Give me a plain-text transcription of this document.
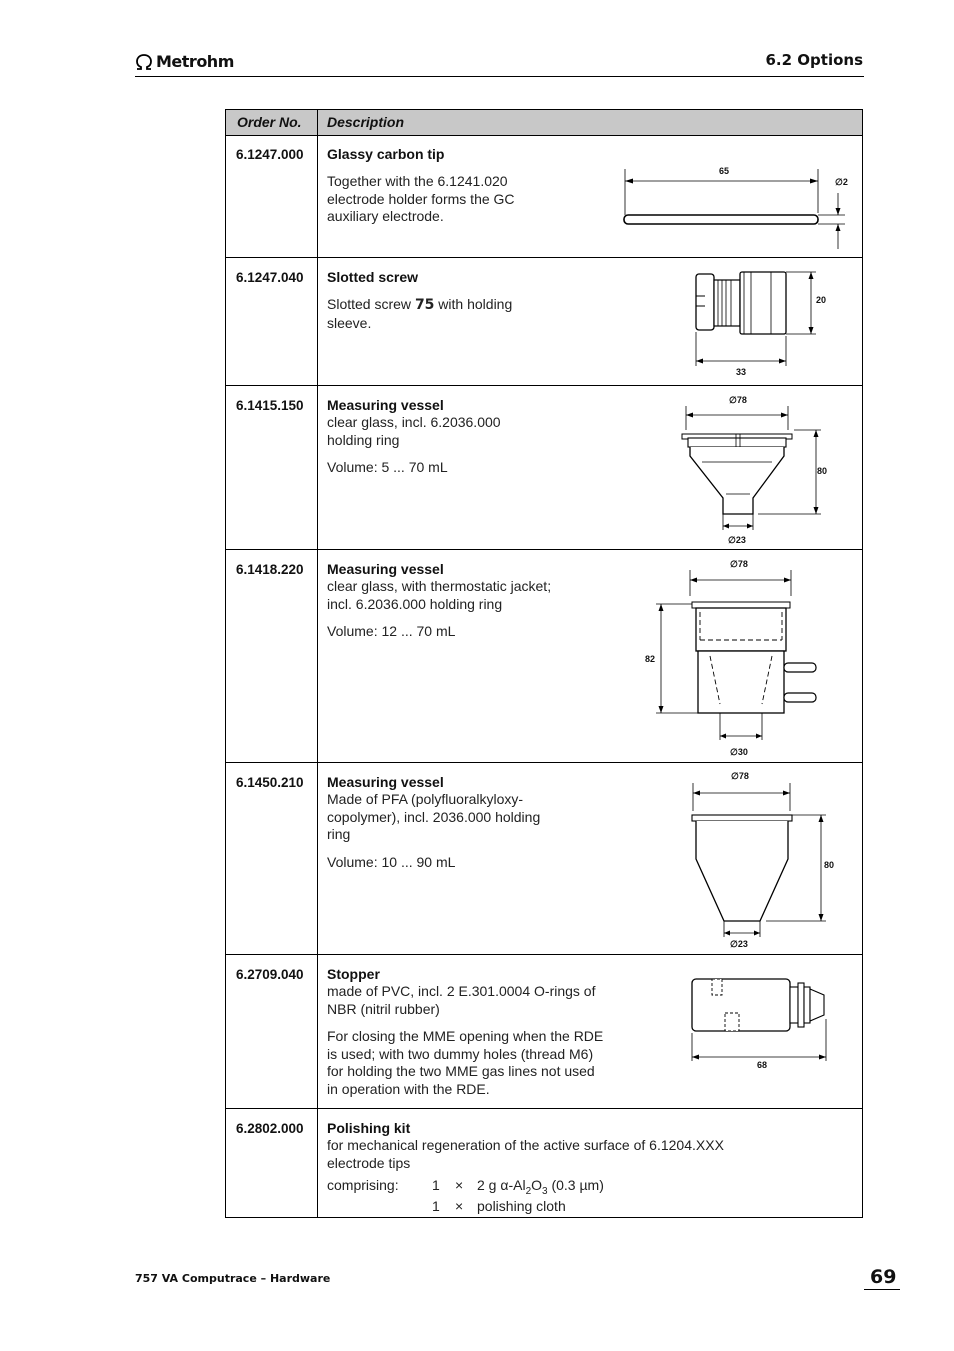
Metrohm	6.2 Options
Order No. Description
6.1247.000 Glassy carbon tip
Together with the 6.1241.020
electrode holder forms the GC
auxiliary electrode.
65
∅2
6.1247.040 Slotted screw
Slotted screw 75 with holding
sleeve.
20
33
6.1415.150 Measuring vessel
clear glass, incl. 6.2036.000
holding ring
Volume: 5 ... 70 mL
∅78
80
∅23
6.1418.220 Measuring vessel
clear glass, with thermostatic jacket;
incl. 6.2036.000 holding ring
Volume: 12 ... 70 mL
∅78
82
∅30
6.1450.210 Measuring vessel
Made of PFA (polyfluoralkyloxy-
copolymer), incl. 2036.000 holding
ring
Volume: 10 ... 90 mL
∅78
80
∅23
6.2709.040 Stopper
made of PVC, incl. 2 E.301.0004 O-rings of
NBR (nitril rubber)
For closing the MME opening when the RDE
is used; with two dummy holes (thread M6)
for holding the two MME gas lines not used
in operation with the RDE.
68
6.2802.000 Polishing kit
for mechanical regeneration of the active surface of 6.1204.XXX
electrode tips
comprising: 1 × 2 g $\alpha-Al_2O_3$ (0.3 µm)
1 × polishing cloth
757 VA Computrace – Hardware	69
